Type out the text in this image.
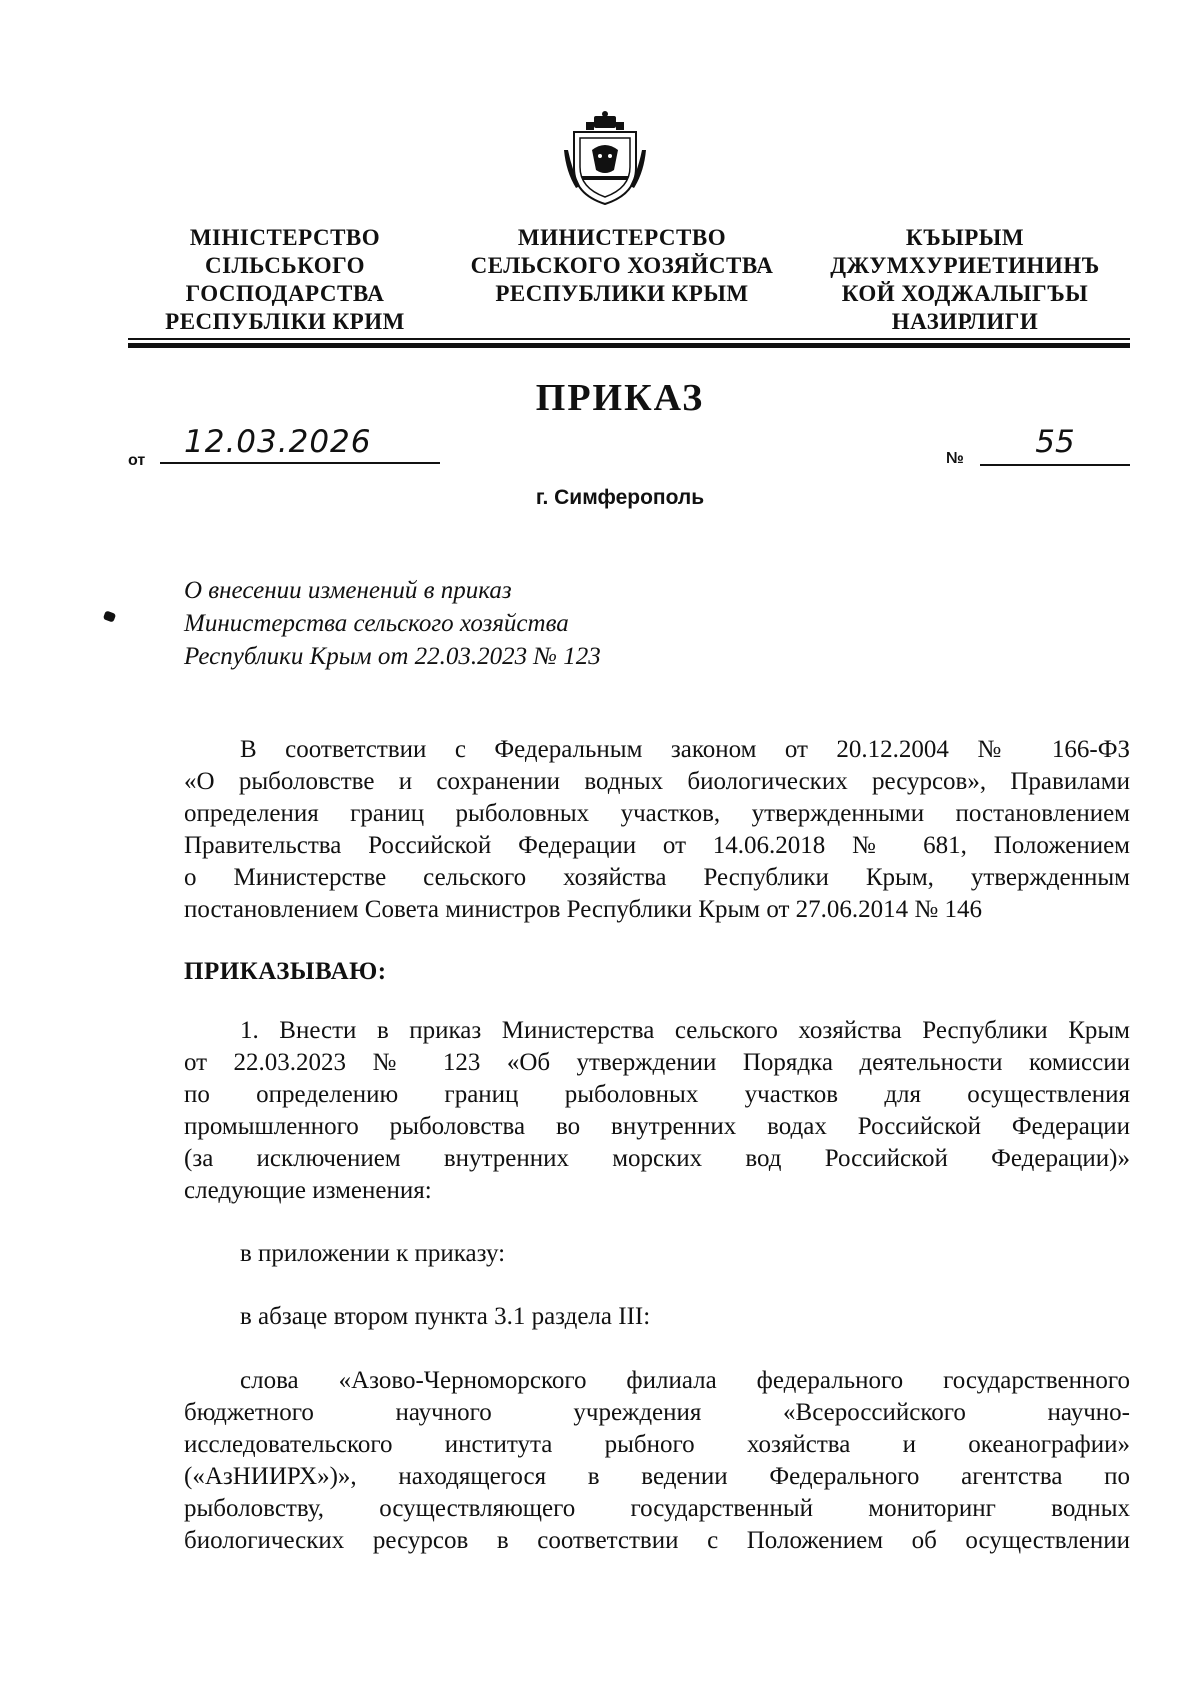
МІНІСТЕРСТВО
СІЛЬСЬКОГО
ГОСПОДАРСТВА
РЕСПУБЛІКИ КРИМ
МИНИСТЕРСТВО
СЕЛЬСКОГО ХОЗЯЙСТВА
РЕСПУБЛИКИ КРЫМ
КЪЫРЫМ
ДЖУМХУРИЕТИНИНЪ
КОЙ ХОДЖАЛЫГЪЫ
НАЗИРЛИГИ
ПРИКАЗ
от
12.03.2026	№	55
г. Симферополь
О внесении изменений в приказ
Министерства сельского хозяйства
Республики Крым от 22.03.2023 № 123
В соответствии с Федеральным законом от 20.12.2004 № 166-ФЗ
«О рыболовстве и сохранении водных биологических ресурсов», Правилами
определения границ рыболовных участков, утвержденными постановлением
Правительства Российской Федерации от 14.06.2018 № 681, Положением
о Министерстве сельского хозяйства Республики Крым, утвержденным
постановлением Совета министров Республики Крым от 27.06.2014 № 146
ПРИКАЗЫВАЮ:
1. Внести в приказ Министерства сельского хозяйства Республики Крым
от 22.03.2023 № 123 «Об утверждении Порядка деятельности комиссии
по определению границ рыболовных участков для осуществления
промышленного рыболовства во внутренних водах Российской Федерации
(за исключением внутренних морских вод Российской Федерации)»
следующие изменения:
в приложении к приказу:
в абзаце втором пункта 3.1 раздела III:
слова «Азово-Черноморского филиала федерального государственного
бюджетного научного учреждения «Всероссийского научно-
исследовательского института рыбного хозяйства и океанографии»
(«АзНИИРХ»)», находящегося в ведении Федерального агентства по
рыболовству, осуществляющего государственный мониторинг водных
биологических ресурсов в соответствии с Положением об осуществлении
